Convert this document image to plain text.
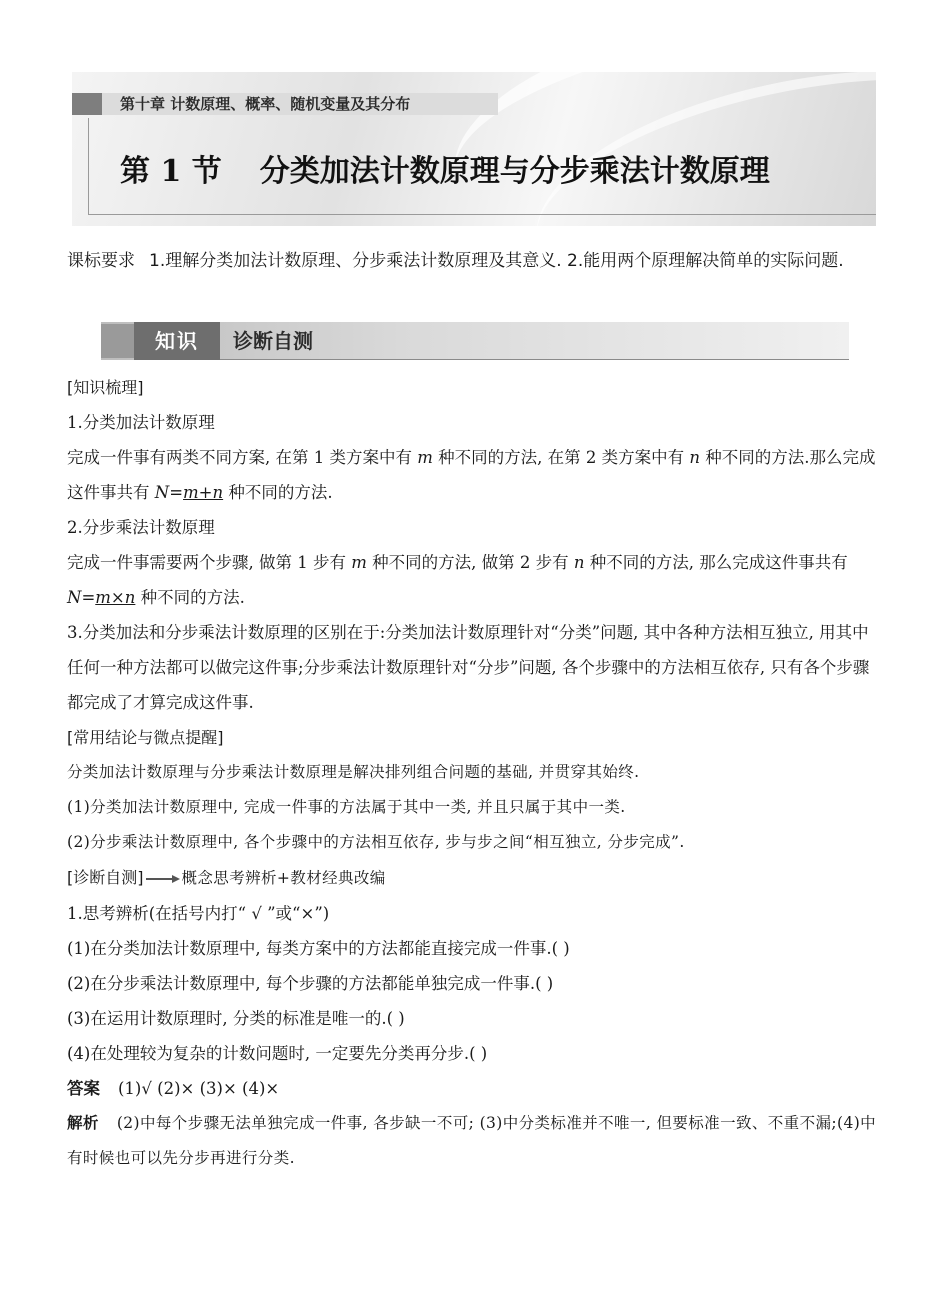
第十章 计数原理、概率、随机变量及其分布
第 1 节 分类加法计数原理与分步乘法计数原理
课标要求 1.理解分类加法计数原理、分步乘法计数原理及其意义. 2.能用两个原理解决简单的实际问题.
知识	诊断自测

[知识梳理]

1.分类加法计数原理

完成一件事有两类不同方案, 在第 1 类方案中有 m 种不同的方法, 在第 2 类方案中有 n 种不同的方法.那么完成这件事共有 N=m+n 种不同的方法.

2.分步乘法计数原理

完成一件事需要两个步骤, 做第 1 步有 m 种不同的方法, 做第 2 步有 n 种不同的方法, 那么完成这件事共有 N=m×n 种不同的方法.

3.分类加法和分步乘法计数原理的区别在于:分类加法计数原理针对“分类”问题, 其中各种方法相互独立, 用其中任何一种方法都可以做完这件事;分步乘法计数原理针对“分步”问题, 各个步骤中的方法相互依存, 只有各个步骤都完成了才算完成这件事.

[常用结论与微点提醒]

分类加法计数原理与分步乘法计数原理是解决排列组合问题的基础, 并贯穿其始终.

(1)分类加法计数原理中, 完成一件事的方法属于其中一类, 并且只属于其中一类.

(2)分步乘法计数原理中, 各个步骤中的方法相互依存, 步与步之间“相互独立, 分步完成”.

[诊断自测] 概念思考辨析+教材经典改编

1.思考辨析(在括号内打“ √ ”或“×”)

(1)在分类加法计数原理中, 每类方案中的方法都能直接完成一件事.( )

(2)在分步乘法计数原理中, 每个步骤的方法都能单独完成一件事.( )

(3)在运用计数原理时, 分类的标准是唯一的.( )

(4)在处理较为复杂的计数问题时, 一定要先分类再分步.( )

答案 (1)√ (2)× (3)× (4)×

解析 (2)中每个步骤无法单独完成一件事, 各步缺一不可; (3)中分类标准并不唯一, 但要标准一致、不重不漏;(4)中有时候也可以先分步再进行分类.
